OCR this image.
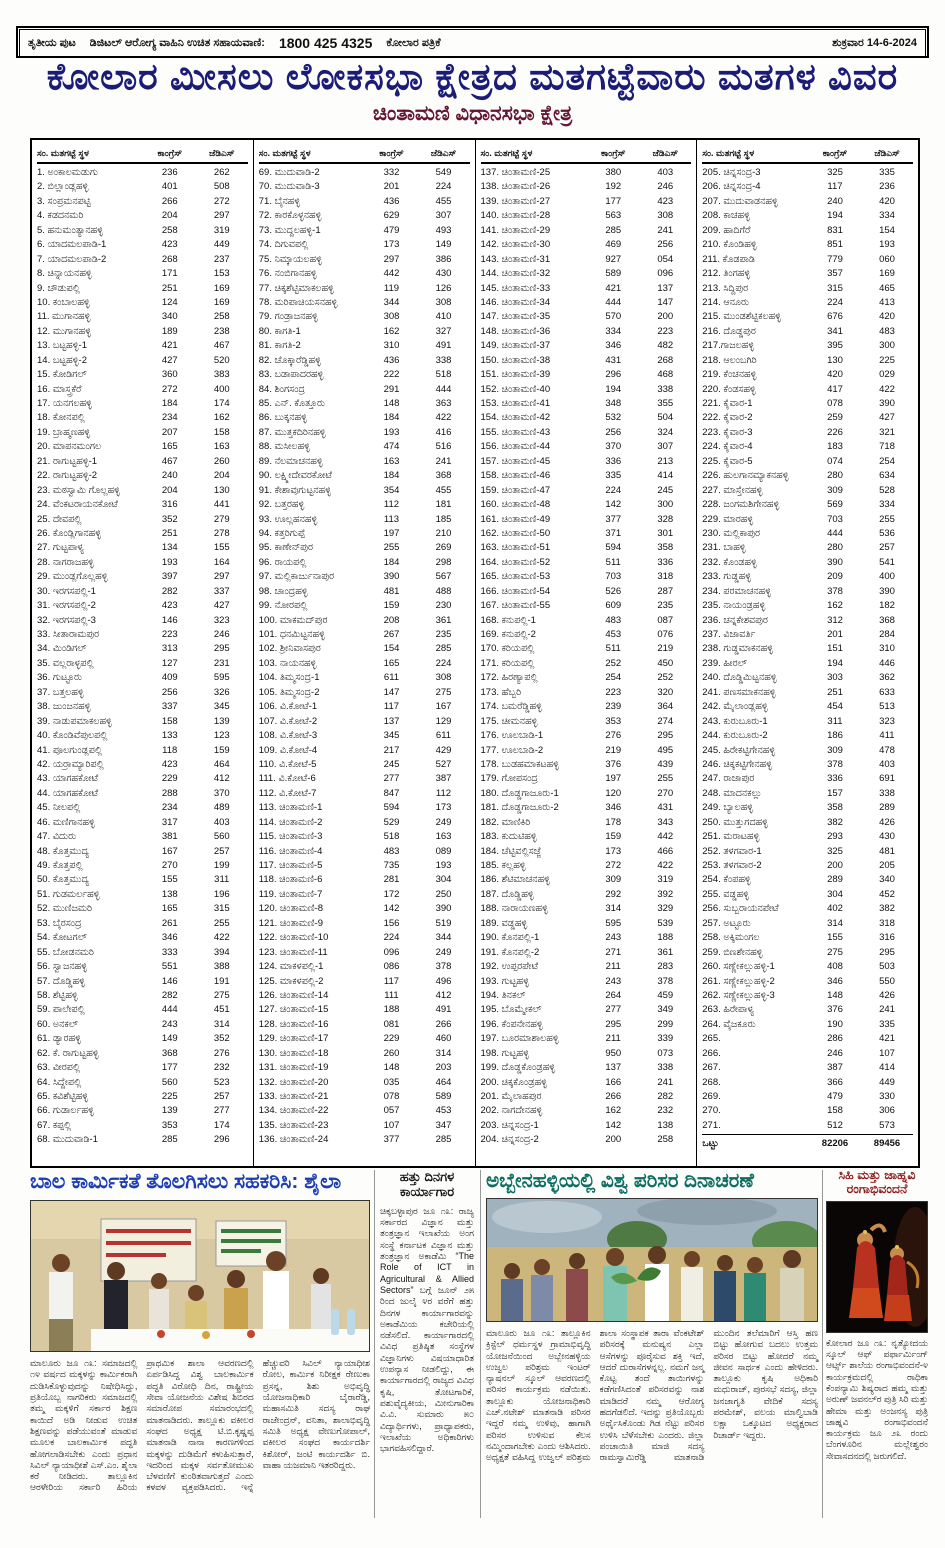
ತೃತೀಯ ಪುಟ ಡಿಜಿಟಲ್ ಆರೋಗ್ಯ ವಾಹಿನಿ ಉಚಿತ ಸಹಾಯವಾಣಿ: 1800 425 4325 ಕೋಲಾರ ಪತ್ರಿಕೆ	ಶುಕ್ರವಾರ 14-6-2024
ಕೋಲಾರ ಮೀಸಲು ಲೋಕಸಭಾ ಕ್ಷೇತ್ರದ ಮತಗಟ್ಟೆವಾರು ಮತಗಳ ವಿವರ
ಚಿಂತಾಮಣಿ ವಿಧಾನಸಭಾ ಕ್ಷೇತ್ರ
ಸಂ. ಮತಗಟ್ಟೆ ಸ್ಥಳ	ಕಾಂಗ್ರೆಸ್	ಜೆಡಿಎಸ್
1. ಅಂಕಾಲಮಡುಗು	236	262
2. ಬಿಲ್ಲಾಂಡ್ಲಹಳ್ಳಿ	401	508
3. ಸಂಪ್ರಮನಪಟ್ಟಿ	266	272
4. ಕಡದನಮರಿ	204	297
5. ಹನುಮಂತ್ಯಾನಹಳ್ಳಿ	258	319
6. ಯಾದಮಲಪಾಡಿ-1	423	449
7. ಯಾದಮಲಪಾಡಿ-2	268	237
8. ಚಿನ್ನಾಯನಹಳ್ಳಿ	171	153
9. ಚೌಡುಪಲ್ಲಿ	251	169
10. ಕಂಬಾಲಹಳ್ಳಿ	124	169
11. ಮುಗಾನಹಳ್ಳಿ	340	258
12. ಮುಗಾನಹಳ್ಳಿ	189	238
13. ಬಟ್ಟಹಳ್ಳಿ-1	421	467
14. ಬಟ್ಟಹಳ್ಳಿ-2	427	520
15. ಕೋಡಿಗಲ್	360	383
16. ಮಾಸ್ತ್ರಕೆರೆ	272	400
17. ಯನಗಲಹಳ್ಳಿ	184	174
18. ಕೋನಪಲ್ಲಿ	234	162
19. ಬ್ರಾಹ್ಮಣಹಳ್ಳಿ	207	158
20. ಮಾಪನಮಂಗಲ	165	163
21. ರಾಗುಟ್ಟಹಳ್ಳಿ-1	467	260
22. ರಾಗುಟ್ಟಹಳ್ಳಿ-2	240	204
23. ಮಠಸ್ವಾಮಿ ಗೊಲ್ಲಹಳ್ಳಿ	204	130
24. ವೆಂಕಟರಾಯನಕೋಟೆ	316	441
25. ದೇವಪಲ್ಲಿ	352	279
26. ಕೊಂಡ್ಲಿಗಾನಹಳ್ಳಿ	251	278
27. ಗುಟ್ಟಪಾಳ್ಯ	134	155
28. ನಾಗರಾಜಹಳ್ಳಿ	193	164
29. ಮುಂಡ್ಲಗೊಲ್ಲಹಳ್ಳಿ	397	297
30. ಇರಗಸಪಲ್ಲಿ-1	282	337
31. ಇರಗಸಪಲ್ಲಿ-2	423	427
32. ಇರಗಸಪಲ್ಲಿ-3	146	323
33. ಸೀತಾರಾಮಪುರ	223	246
34. ಮಿಂಡಿಗಲ್	313	295
35. ವಲ್ಲರಾಳ್ಳಪಲ್ಲಿ	127	231
36. ಗುಟ್ಟೂರು	409	595
37. ಬತ್ತಲಹಳ್ಳಿ	256	326
38. ಜುಂಜನಹಳ್ಳಿ	337	345
39. ನಾಡುಪಮಾಕಲಹಳ್ಳಿ	158	139
40. ಕೊಂಡಿವೆಪುಲಪಲ್ಲಿ	133	123
41. ಪೂಲಗುಂಡ್ಲಪಲ್ಲಿ	118	159
42. ಯರ್ರಾಮ್ಯಾರಿಪಲ್ಲಿ	423	464
43. ಯಾಗಹಕೋಟೆ	229	412
44. ಯಾಗಹಕೋಟೆ	288	370
45. ನೀಲಪಲ್ಲಿ	234	489
46. ಮಣಿಗಾನಹಳ್ಳಿ	317	403
47. ವಿದುರು	381	560
48. ಕೊತ್ತಮುದ್ಯ	167	257
49. ಕೊತ್ತಪಲ್ಲಿ	270	199
50. ಕೊತ್ತಮುದ್ಯ	155	311
51. ಗುಡಮರ್ಲಹಳ್ಳಿ	138	196
52. ಮುಣಿಜಮರಿ	165	315
53. ಬೈರಸಂದ್ರ	261	255
54. ಕೋಟಗಲ್	346	422
55. ಬೋಡನಮರಿ	333	394
56. ಸ್ವಾಜನಹಳ್ಳಿ	551	388
57. ದೊಡ್ಡಿಹಳ್ಳಿ	146	191
58. ಶೆಟ್ಟಿಹಳ್ಳಿ	282	275
59. ಪಾಲೇಪಲ್ಲಿ	444	451
60. ಅನಕಲ್	243	314
61. ಡ್ಯಾರಹಳ್ಳಿ	149	352
62. ಕೆ. ರಾಗುಟ್ಟಹಳ್ಳಿ	368	276
63. ವೀರಪಲ್ಲಿ	177	232
64. ಸಿದ್ದೇಪಲ್ಲಿ	560	523
65. ಕವಿಶೆಟ್ಟಿಹಳ್ಳಿ	225	257
66. ಗುಡಾರ್ಲಹಳ್ಳಿ	139	277
67. ಕಪ್ಪಲ್ಲಿ	353	174
68. ಮುದುವಾಡಿ-1	285	296
ಸಂ. ಮತಗಟ್ಟೆ ಸ್ಥಳ	ಕಾಂಗ್ರೆಸ್	ಜೆಡಿಎಸ್
69. ಮುದುವಾಡಿ-2	332	549
70. ಮುದುವಾಡಿ-3	201	224
71. ಬೈನಹಳ್ಳಿ	436	455
72. ಕಾರಕೊಳ್ಳನಹಳ್ಳಿ	629	307
73. ಮುದ್ದಲಹಳ್ಳಿ-1	479	493
74. ದಿಗುವಪಲ್ಲಿ	173	149
75. ನಿಮ್ಕಾಯಲಹಳ್ಳಿ	297	386
76. ನಂಬಿಗಾನಹಳ್ಳಿ	442	430
77. ಚಿಕ್ಕಶೆಟ್ಟಿಮಾಕಲಹಳ್ಳಿ	119	126
78. ಮರಿಪಾಚಿಯಸನಹಳ್ಳಿ	344	308
79. ಗಂಡ್ರಾಜನಹಳ್ಳಿ	308	410
80. ಕಾಗತಿ-1	162	327
81. ಕಾಗತಿ-2	310	491
82. ಚೊಕ್ಕಾರೆಡ್ಡಿಹಳ್ಳಿ	436	338
83. ಬಡಾಪಾದರಹಳ್ಳಿ	222	518
84. ಶಿಂಗಸಂದ್ರ	291	444
85. ಎನ್. ಕೊತ್ತೂರು	148	363
86. ಬುಕ್ಕನಹಳ್ಳಿ	184	422
87. ಮುತ್ತಕದಿರಿನಹಳ್ಳಿ	193	416
88. ಮಸೀಲಹಳ್ಳಿ	474	516
89. ನೆಲಮಾಚನಹಳ್ಳಿ	163	241
90. ಲಕ್ಷ್ಮೀದೇವರಕೋಟೆ	184	368
91. ಕೇಶಾವುಗುಟ್ಟನಹಳ್ಳಿ	354	455
92. ಬತ್ತರಹಳ್ಳಿ	112	181
93. ಊಲ್ಲಹನಹಳ್ಳಿ	113	185
94. ಕತ್ತರಿಗುಪ್ಪೆ	197	210
95. ಕಾಣೇನ್‌ಪುರ	255	269
96. ರಾಯಪಲ್ಲಿ	184	298
97. ಮಲ್ಲಿಕಾರ್ಜುನಾಪುರ	390	567
98. ಚಾಂದ್ರಹಳ್ಳಿ	481	488
99. ನೋರಪಲ್ಲಿ	159	230
100. ಮಾಕಮದ್‌ಪುರ	208	361
101. ಧನಮಿಟ್ಟನಹಳ್ಳಿ	267	235
102. ಶ್ರೀನಿವಾಸಪುರ	154	285
103. ನಾಯನಹಳ್ಳಿ	165	224
104. ತಿಮ್ಮಸಂದ್ರ-1	611	308
105. ತಿಮ್ಮಸಂದ್ರ-2	147	275
106. ವಿ.ಕೋಟೆ-1	117	167
107. ವಿ.ಕೋಟೆ-2	137	129
108. ವಿ.ಕೋಟೆ-3	345	611
109. ವಿ.ಕೋಟೆ-4	217	429
110. ವಿ.ಕೋಟೆ-5	245	527
111. ವಿ.ಕೋಟೆ-6	277	387
112. ವಿ.ಕೋಟೆ-7	847	112
113. ಚಿಂತಾಮಣಿ-1	594	173
114. ಚಿಂತಾಮಣಿ-2	529	249
115. ಚಿಂತಾಮಣಿ-3	518	163
116. ಚಿಂತಾಮಣಿ-4	483	089
117. ಚಿಂತಾಮಣಿ-5	735	193
118. ಚಿಂತಾಮಣಿ-6	281	304
119. ಚಿಂತಾಮಣಿ-7	172	250
120. ಚಿಂತಾಮಣಿ-8	142	390
121. ಚಿಂತಾಮಣಿ-9	156	519
122. ಚಿಂತಾಮಣಿ-10	224	344
123. ಚಿಂತಾಮಣಿ-11	096	249
124. ಮಾಕಳಪಲ್ಲಿ-1	086	378
125. ಮಾಕಳಪಲ್ಲಿ-2	117	496
126. ಚಿಂತಾಮಣಿ-14	111	412
127. ಚಿಂತಾಮಣಿ-15	188	491
128. ಚಿಂತಾಮಣಿ-16	081	266
129. ಚಿಂತಾಮಣಿ-17	229	460
130. ಚಿಂತಾಮಣಿ-18	260	314
131. ಚಿಂತಾಮಣಿ-19	148	203
132. ಚಿಂತಾಮಣಿ-20	035	464
133. ಚಿಂತಾಮಣಿ-21	078	589
134. ಚಿಂತಾಮಣಿ-22	057	453
135. ಚಿಂತಾಮಣಿ-23	107	347
136. ಚಿಂತಾಮಣಿ-24	377	285
ಸಂ. ಮತಗಟ್ಟೆ ಸ್ಥಳ	ಕಾಂಗ್ರೆಸ್	ಜೆಡಿಎಸ್
137. ಚಿಂತಾಮಣಿ-25	380	403
138. ಚಿಂತಾಮಣಿ-26	192	246
139. ಚಿಂತಾಮಣಿ-27	177	423
140. ಚಿಂತಾಮಣಿ-28	563	308
141. ಚಿಂತಾಮಣಿ-29	285	241
142. ಚಿಂತಾಮಣಿ-30	469	256
143. ಚಿಂತಾಮಣಿ-31	927	054
144. ಚಿಂತಾಮಣಿ-32	589	096
145. ಚಿಂತಾಮಣಿ-33	421	137
146. ಚಿಂತಾಮಣಿ-34	444	147
147. ಚಿಂತಾಮಣಿ-35	570	200
148. ಚಿಂತಾಮಣಿ-36	334	223
149. ಚಿಂತಾಮಣಿ-37	346	482
150. ಚಿಂತಾಮಣಿ-38	431	268
151. ಚಿಂತಾಮಣಿ-39	296	468
152. ಚಿಂತಾಮಣಿ-40	194	338
153. ಚಿಂತಾಮಣಿ-41	348	355
154. ಚಿಂತಾಮಣಿ-42	532	504
155. ಚಿಂತಾಮಣಿ-43	256	324
156. ಚಿಂತಾಮಣಿ-44	370	307
157. ಚಿಂತಾಮಣಿ-45	336	213
158. ಚಿಂತಾಮಣಿ-46	335	414
159. ಚಿಂತಾಮಣಿ-47	224	245
160. ಚಿಂತಾಮಣಿ-48	142	300
161. ಚಿಂತಾಮಣಿ-49	377	328
162. ಚಿಂತಾಮಣಿ-50	371	301
163. ಚಿಂತಾಮಣಿ-51	594	358
164. ಚಿಂತಾಮಣಿ-52	511	336
165. ಚಿಂತಾಮಣಿ-53	703	318
166. ಚಿಂತಾಮಣಿ-54	526	287
167. ಚಿಂತಾಮಣಿ-55	609	235
168. ಕನುಪಲ್ಲಿ-1	483	087
169. ಕನುಪಲ್ಲಿ-2	453	076
170. ಕರಿಯಪಲ್ಲಿ	511	219
171. ಕರಿಯಪಲ್ಲಿ	252	450
172. ಹಿರಣ್ಯಾಪಲ್ಲಿ	254	252
173. ಹೆಬ್ಬರಿ	223	320
174. ಬಮರೆಡ್ಡಿಹಳ್ಳಿ	239	364
175. ಚೀಮನಹಳ್ಳಿ	353	274
176. ಊಲಬಾಡಿ-1	276	295
177. ಊಲಬಾಡಿ-2	219	495
178. ಬುಡಹಮಾಕಟಹಳ್ಳಿ	376	439
179. ಗೋಪಸಂದ್ರ	197	255
180. ದೊಡ್ಡಗಾಜೂರು-1	120	270
181. ದೊಡ್ಡಗಾಜೂರು-2	346	431
182. ಮಾಣಿಕಿರಿ	178	343
183. ಕುದುಟಿಹಳ್ಳಿ	159	442
184. ಚೆಟ್ಟಿವಲ್ಲಿಸಜ್ಜೆ	173	466
185. ಕಲ್ಲಹಳ್ಳಿ	272	422
186. ಶೆಟಿಮಾಚನಹಳ್ಳಿ	309	319
187. ದೊಡ್ಡಿಹಳ್ಳಿ	292	392
188. ನಾರಾಯಣಹಳ್ಳಿ	314	329
189. ವಡ್ಡಹಳ್ಳಿ	595	539
190. ಕೊನಪಲ್ಲಿ-1	243	188
191. ಕೊನಪಲ್ಲಿ-2	271	361
192. ಉಪ್ಪರಪೇಟೆ	211	283
193. ಗುಟ್ಟಹಳ್ಳಿ	243	378
194. ತಿನಕಲ್	264	459
195. ಬೊಮ್ಮೇಕಲ್	277	349
196. ಕೆಂಪನೇನಹಳ್ಳಿ	295	299
197. ಬೂರಮಾಶಾಲಹಳ್ಳಿ	211	339
198. ಗುಟ್ಟಹಳ್ಳಿ	950	073
199. ದೊಡ್ಡಕೊಂಡ್ರಹಳ್ಳಿ	137	338
200. ಚಿಕ್ಕಕೊಂಡ್ರಹಳ್ಳಿ	166	241
201. ಮೈಲಾಹಪುರ	266	282
202. ನಾಗದೇನಹಳ್ಳಿ	162	232
203. ಚಿನ್ನಸಂದ್ರ-1	142	138
204. ಚಿನ್ನಸಂದ್ರ-2	200	258
ಸಂ. ಮತಗಟ್ಟೆ ಸ್ಥಳ	ಕಾಂಗ್ರೆಸ್	ಜೆಡಿಎಸ್
205. ಚಿನ್ನಸಂದ್ರ-3	325	335
206. ಚಿನ್ನಸಂದ್ರ-4	117	236
207. ಮುದುವಾಡನಹಳ್ಳಿ	240	420
208. ಕಾಚಹಳ್ಳಿ	194	334
209. ಹಾದಿಗೆರೆ	831	154
210. ಕೊಂಡಿಹಳ್ಳಿ	851	193
211. ಕೊಡಪಾಡಿ	779	060
212. ತಿಂಗಹಳ್ಳಿ	357	169
213. ಸಿದ್ದಿಪುರ	315	465
214. ಆನೂರು	224	413
215. ಮುಂಡಶೆಟ್ಟಿಕಲಹಳ್ಳಿ	676	420
216. ದೊಡ್ಡಪುರ	341	483
217.ಗಾಜಲಹಳ್ಳಿ	395	300
218. ಆಲಂಬಗಿರಿ	130	225
219. ಕೆಂಚನಹಳ್ಳಿ	420	029
220. ಕೆಂಡಸಹಳ್ಳಿ	417	422
221. ಕೈವಾರ-1	078	390
222. ಕೈವಾರ-2	259	427
223. ಕೈವಾರ-3	226	321
224. ಕೈವಾರ-4	183	718
225. ಕೈವಾರ-5	074	254
226. ಹುಲಗಾನಮ್ಯಾಕನಹಳ್ಳಿ	280	634
227. ಮಾಸ್ತೇನಹಳ್ಳಿ	309	528
228. ಜಂಗಮಶಿಗೇನಹಳ್ಳಿ	569	334
229. ಮಾರಹಳ್ಳಿ	703	255
230. ಮಲ್ಲಿಕಾಪುರ	444	536
231. ಬಾಹಳ್ಳಿ	280	257
232. ಕೊಂಡಹಳ್ಳಿ	390	541
233. ಗುಡ್ಡಹಳ್ಳಿ	209	400
234. ಪರಮಾಚನಹಳ್ಳಿ	378	390
235. ನಾಯಂಡ್ರಹಳ್ಳಿ	162	182
236. ಚನ್ನಕೇಶವಪುರ	312	368
237. ವಿಜಾವರ್ತಿ	201	284
238. ಗುಡ್ಡಮಾಕನಹಳ್ಳಿ	151	310
239. ಹೀರಲ್	194	446
240. ದೊಡ್ಡಿಮಿಟ್ಟನಹಳ್ಳಿ	303	362
241. ಪಣಸಮಾಕನಹಳ್ಳಿ	251	633
242. ಮೈಲಾಂಡ್ಲಹಳ್ಳಿ	454	513
243. ಕುರುಬೂರು-1	311	323
244. ಕುರುಬೂರು-2	186	411
245. ಹಿರೇಕಟ್ಟಿಗೇನಹಳ್ಳಿ	309	478
246. ಚಿಕ್ಕಕಟ್ಟಿಗೇನಹಳ್ಳಿ	378	403
247. ರಾಜಾಪುರ	336	691
248. ಮಾದನಕಲ್ಲು	157	338
249. ಬ್ಯಾಲಹಳ್ಳಿ	358	289
250. ಮುತ್ತುಗದಹಳ್ಳಿ	382	426
251. ಮರಾಟಹಳ್ಳಿ	293	430
252. ತಳಗವಾರ-1	325	481
253. ತಳಗವಾರ-2	200	205
254. ಕೆಂಪಹಳ್ಳಿ	289	340
255. ವಡ್ಡಹಳ್ಳಿ	304	452
256. ಸುಬ್ಬರಾಯನಪೇಟೆ	402	382
257. ಅಟ್ಟೂರು	314	318
258. ಅಕ್ಕಿಮಂಗಲ	155	316
259. ಬಿಣಶೇನಹಳ್ಳಿ	275	295
260. ಸಣ್ಣೇಕಲ್ಲುಹಳ್ಳಿ-1	408	503
261. ಸಣ್ಣೇಕಲ್ಲುಹಳ್ಳಿ-2	346	550
262. ಸಣ್ಣೇಕಲ್ಲುಹಳ್ಳಿ-3	148	426
263. ಹಿರೇಪಾಳ್ಯ	376	241
264. ವೈಜಕೂರು	190	335
265.	286	421
266.	246	107
267.	387	414
268.	366	449
269.	479	330
270.	158	306
271.	512	573
ಒಟ್ಟು	82206	89456
ಬಾಲ ಕಾರ್ಮಿಕತೆ ತೊಲಗಿಸಲು ಸಹಕರಿಸಿ: ಶೈಲಾ
ಮಾಲೂರು ಜೂ ೧೩: ಸಮಾಜದಲ್ಲಿ ೧೪ ವರ್ಷದ ಮಕ್ಕಳನ್ನು ಕಾರ್ಮಿಕರಾಗಿ ದುಡಿಸಿಕೊಳ್ಳುವುದನ್ನು ನಿಷೇಧಿಸಿದ್ದು, ಪ್ರತಿಯೊಬ್ಬ ನಾಗರಿಕರು ಸಮಾಜದಲ್ಲಿ ತಮ್ಮ ಮಕ್ಕಳಿಗೆ ಸರ್ಕಾರ ಶಿಕ್ಷಣ ಕಾಯಿದೆ ಅಡಿ ನೀಡುವ ಉಚಿತ ಶಿಕ್ಷಣವನ್ನು ಪಡೆಯುವಂತೆ ಮಾಡುವ ಮೂಲಕ ಬಾಲಕಾರ್ಮಿಕ ಪದ್ಧತಿ ಹೋಗಲಾಡಿಸಬೇಕು ಎಂದು ಪ್ರಧಾನ ಸಿವಿಲ್ ನ್ಯಾಯಾಧೀಶೆ ಎಸ್.ಎಂ. ಶೈಲಾ ಕರೆ ನೀಡಿದರು. ತಾಲ್ಲೂಕಿನ ಆರಳೇರಿಯ ಸರ್ಕಾರಿ ಹಿರಿಯ ಪ್ರಾಥಮಿಕ ಶಾಲಾ ಆವರಣದಲ್ಲಿ ಏರ್ಪಡಿಸಿದ್ದ ವಿಶ್ವ ಬಾಲಕಾರ್ಮಿಕ ಪದ್ಧತಿ ವಿರೋಧಿ ದಿನ, ರಾಷ್ಟ್ರೀಯ ಸೇವಾ ಯೋಜನೆಯ ವಿಶೇಷ ಶಿಬಿರದ ಸಮಾರೋಪ ಸಮಾರಂಭದಲ್ಲಿ ಮಾತನಾಡಿದರು. ತಾಲ್ಲೂಕು ವಕೀಲರ ಸಂಘದ ಅಧ್ಯಕ್ಷ ಟಿ.ಬಿ.ಕೃಷ್ಣಪ್ಪ ಮಾತನಾಡಿ ನಾನಾ ಕಾರಣಗಳಿಂದ ಮಕ್ಕಳನ್ನು ದುಡಿಮೆಗೆ ಕಳುಹಿಸುತ್ತಾರೆ, ಇದರಿಂದ ಮಕ್ಕಳ ಸರ್ವತೋಮುಖ ಬೆಳವಣಿಗೆ ಕುಂಠಿತವಾಗುತ್ತದೆ ಎಂದು ಕಳವಳ ವ್ಯಕ್ತಪಡಿಸಿದರು. ಇನ್ನೆ ಹೆಚ್ಚುವರಿ ಸಿವಿಲ್ ನ್ಯಾಯಾಧೀಶ ರೋಲ, ಕಾರ್ಮಿಕ ನಿರೀಕ್ಷಕ ರೇಣುಕಾ ಪ್ರಸನ್ನ, ಶಿಶು ಅಭಿವೃದ್ಧಿ ಯೋಜನಾಧಿಕಾರಿ ಬೈರಾರೆಡ್ಡಿ, ಮಹಾಸಮಿತಿ ಸದಸ್ಯ ರಾಘ ರಾಜೇಂದ್ರನ್, ವನಿತಾ, ಶಾಲಾಭಿವೃದ್ಧಿ ಸಮಿತಿ ಅಧ್ಯಕ್ಷ ವೇಣುಗೋಪಾಲ್, ವಕೀಲರ ಸಂಘದ ಕಾರ್ಯದರ್ಶಿ ಕಿಶೋರ್, ಜಂಟಿ ಕಾರ್ಯದರ್ಶಿ ಬಿ. ವಾಹಾ ಯಜಮಾನಿ ಇತರರಿದ್ದರು.
ಹತ್ತು ದಿನಗಳ ಕಾರ್ಯಾಗಾರ
ಚಿಕ್ಕಬಳ್ಳಾಪುರ ಜೂ ೧೩: ರಾಜ್ಯ ಸರ್ಕಾರದ ವಿಜ್ಞಾನ ಮತ್ತು ತಂತ್ರಜ್ಞಾನ ಇಲಾಖೆಯ ಅಂಗ ಸಂಸ್ಥೆ ಕರ್ನಾಟಕ ವಿಜ್ಞಾನ ಮತ್ತು ತಂತ್ರಜ್ಞಾನ ಅಕಾಡೆಮಿ “The Role of ICT in Agricultural & Allied Sectors” ಬಗ್ಗೆ ಜೂನ್ ೨೫ ರಿಂದ ಜುಲೈ ೪ರ ವರೆಗೆ ಹತ್ತು ದಿನಗಳ ಕಾರ್ಯಾಗಾರವನ್ನು ಅಕಾಡೆಮಿಯ ಕಚೇರಿಯಲ್ಲಿ ನಡೆಸಲಿದೆ. ಕಾರ್ಯಾಗಾರದಲ್ಲಿ ವಿವಿಧ ಪ್ರತಿಷ್ಠಿತ ಸಂಸ್ಥೆಗಳ ವಿಜ್ಞಾನಿಗಳು ವಿಷಯಾಧಾರಿತ ಉಪನ್ಯಾಸ ನೀಡಲಿದ್ದು, ಈ ಕಾರ್ಯಾಗಾರದಲ್ಲಿ ರಾಜ್ಯದ ವಿವಿಧ ಕೃಷಿ, ತೋಟಗಾರಿಕೆ, ಪಶುವೈದ್ಯಕೀಯ, ಮೀನುಗಾರಿಕಾ ವಿ.ವಿ. ಸುಮಾರು ೫೦ ವಿದ್ಯಾರ್ಥಿಗಳು, ಪ್ರಾಧ್ಯಾಪಕರು, ಇಲಾಖೆಯ ಅಧಿಕಾರಿಗಳು ಭಾಗವಹಿಸಲಿದ್ದಾರೆ.
ಅಬ್ಬೇನಹಳ್ಳಿಯಲ್ಲಿ ವಿಶ್ವ ಪರಿಸರ ದಿನಾಚರಣೆ
ಮಾಲೂರು ಜೂ ೧೩: ತಾಲ್ಲೂಕಿನ ಕ್ರಿಸ್ಟೆಲ್ ಧರ್ಮಸ್ಥಳ ಗ್ರಾಮಾಭಿವೃದ್ಧಿ ಯೋಜನೆಯಿಂದ ಅಬ್ಬೇನಹಳ್ಳಿಯ ಉಜ್ವಲ ಪರಿಶ್ರಮ ಇಂಟರ್ ನ್ಯಾಷನಲ್ ಸ್ಕೂಲ್ ಆವರಣದಲ್ಲಿ ಪರಿಸರ ಕಾರ್ಯಕ್ರಮ ನಡೆಯಿತು. ತಾಲ್ಲೂಕು ಯೋಜನಾಧಿಕಾರಿ ಎಚ್.ನಟೇಶ್ ಮಾತನಾಡಿ ಪರಿಸರ ಇದ್ದರೆ ನಮ್ಮ ಉಳಿವು, ಹಾಗಾಗಿ ಪರಿಸರ ಉಳಿಸುವ ಕೆಲಸ ನಮ್ಮಿಂದಾಗಬೇಕು ಎಂದು ಆಶಿಸಿದರು. ಅಧ್ಯಕ್ಷತೆ ವಹಿಸಿದ್ದ ಉಜ್ವಲ್ ಪರಿಶ್ರಮ ಶಾಲಾ ಸಂಸ್ಥಾಪಕ ತಾರಾ ವೆಂಕಟೇಶ್ ಪರಿಸರಕ್ಕೆ ಮನುಷ್ಯನ ಎಲ್ಲಾ ಆಸೆಗಳನ್ನು ಪೂರೈಸುವ ಶಕ್ತಿ ಇದೆ, ಆದರೆ ದುರಾಸೆಗಳನ್ನಲ್ಲ. ನಮಗೆ ಜನ್ಮ ಕೊಟ್ಟ ತಂದೆ ತಾಯಿಗಳನ್ನು ಕಡೆಗಣಿಸಿದಂತೆ ಪರಿಸರವನ್ನು ನಾಶ ಮಾಡಿದರೆ ನಮ್ಮ ಆರೋಗ್ಯ ಹದಗೆಡಲಿದೆ. ಇದನ್ನು ಪ್ರತಿಯೊಬ್ಬರು ಅರ್ಥೈಸಿಕೊಂಡು ಗಿಡ ನೆಟ್ಟು ಪರಿಸರ ಉಳಿಸಿ ಬೆಳೆಸಬೇಕು ಎಂದರು. ಜಿಲ್ಲಾ ಪಂಚಾಯಿತಿ ಮಾಜಿ ಸದಸ್ಯ ರಾಮಸ್ವಾಮಿರೆಡ್ಡಿ ಮಾತನಾಡಿ ಮುಂದಿನ ತಲೆಮಾರಿಗೆ ಆಸ್ತಿ ಹಣ ಬಿಟ್ಟು ಹೋಗುವ ಬದಲು ಉತ್ತಮ ಪರಿಸರ ಬಿಟ್ಟು ಹೋದರೆ ನಮ್ಮ ಜೀವನ ಸಾರ್ಥಕ ಎಂದು ಹೇಳಿದರು. ತಾಲ್ಲೂಕು ಕೃಷಿ ಅಧಿಕಾರಿ ಮಧುರಾಜ್, ಪುರಸಭೆ ಸದಸ್ಯ, ಜಿಲ್ಲಾ ಜನಜಾಗೃತಿ ವೇದಿಕೆ ಸದಸ್ಯ ಪರಮೇಶ್, ವಲಯ ಮಾಲ್ವಿಬಾಡಿ ಲಕ್ಷಾ ಒಕ್ಕೂಟದ ಅಧ್ಯಕ್ಷರಾದ ರಿಚಾರ್ಡ್ ಇದ್ದರು.
ಸಿಹಿ ಮತ್ತು ಜಾಹ್ನವಿ ರಂಗಾಭಿವಂದನೆ
ಕೋಲಾರ ಜೂ ೧೩: ನೃತ್ಯೋದಯ ಸ್ಕೂಲ್ ಆಫ್ ಪರ್ಫಾರ್ಮಿಂಗ್ ಆರ್ಟ್ಸ್ ಶಾಲೆಯ ರಂಗಾಭಿವಂದನೆ-೪ ಕಾರ್ಯಕ್ರಮದಲ್ಲಿ ರಾಧಿಕಾ ಕೆಂಪನ್ಯಾಮಿ ಶಿಷ್ಯರಾದ ಹಮ್ಮ ಮತ್ತು ಅರುಣ್ ಜವನಲ್‌ರ ಪುತ್ರಿ ಸಿರಿ ಮತ್ತು ಹೇಮಾ ಮತ್ತು ಅಂಜನಸ್ಯ ಪುತ್ರಿ ಜಾಹ್ನವಿ ರಂಗಾಭಿವಂದನೆ ಕಾರ್ಯಕ್ರಮ ಜೂ ೨೩ ರಂದು ಬೆಂಗಳೂರಿನ ಮಲ್ಲೇಶ್ವರಂ ಸೇವಾಸದನದಲ್ಲಿ ಜರುಗಲಿದೆ.
